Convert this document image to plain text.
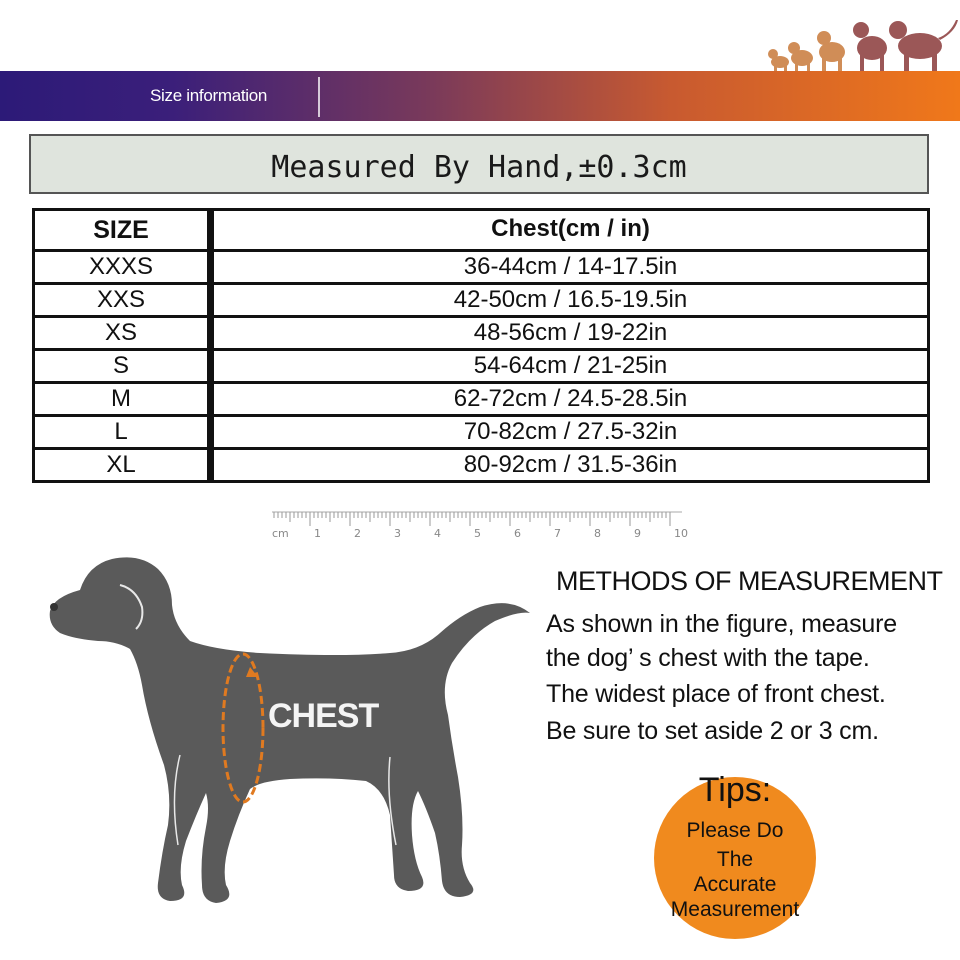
Size information
Measured By Hand,±0.3cm
SIZE	Chest(cm / in)
XXXS	36-44cm / 14-17.5in
XXS	42-50cm / 16.5-19.5in
XS	48-56cm / 19-22in
S	54-64cm / 21-25in
M	62-72cm / 24.5-28.5in
L	70-82cm / 27.5-32in
XL	80-92cm / 31.5-36in
cm 1	2	3	4	5	6	7	8	9	10
CHEST
METHODS OF MEASUREMENT
As shown in the figure, measure
the dog’ s chest with the tape.
The widest place of front chest.
Be sure to set aside 2 or 3 cm.
Tips:
Please Do
The
Accurate
Measurement
